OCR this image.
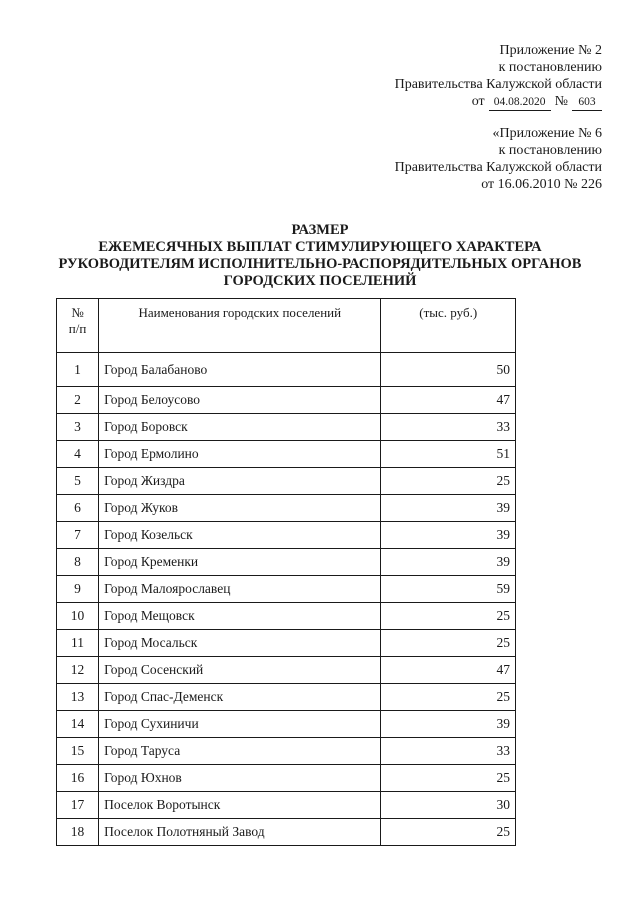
Приложение № 2
к постановлению
Правительства Калужской области
от 04.08.2020 № 603
«Приложение № 6
к постановлению
Правительства Калужской области
от 16.06.2010 № 226
РАЗМЕР
ЕЖЕМЕСЯЧНЫХ ВЫПЛАТ СТИМУЛИРУЮЩЕГО ХАРАКТЕРА
РУКОВОДИТЕЛЯМ ИСПОЛНИТЕЛЬНО-РАСПОРЯДИТЕЛЬНЫХ ОРГАНОВ
ГОРОДСКИХ ПОСЕЛЕНИЙ
№
п/п	Наименования городских поселений	(тыс. руб.)
1	Город Балабаново	50
2	Город Белоусово	47
3	Город Боровск	33
4	Город Ермолино	51
5	Город Жиздра	25
6	Город Жуков	39
7	Город Козельск	39
8	Город Кременки	39
9	Город Малоярославец	59
10	Город Мещовск	25
11	Город Мосальск	25
12	Город Сосенский	47
13	Город Спас-Деменск	25
14	Город Сухиничи	39
15	Город Таруса	33
16	Город Юхнов	25
17	Поселок Воротынск	30
18	Поселок Полотняный Завод	25
